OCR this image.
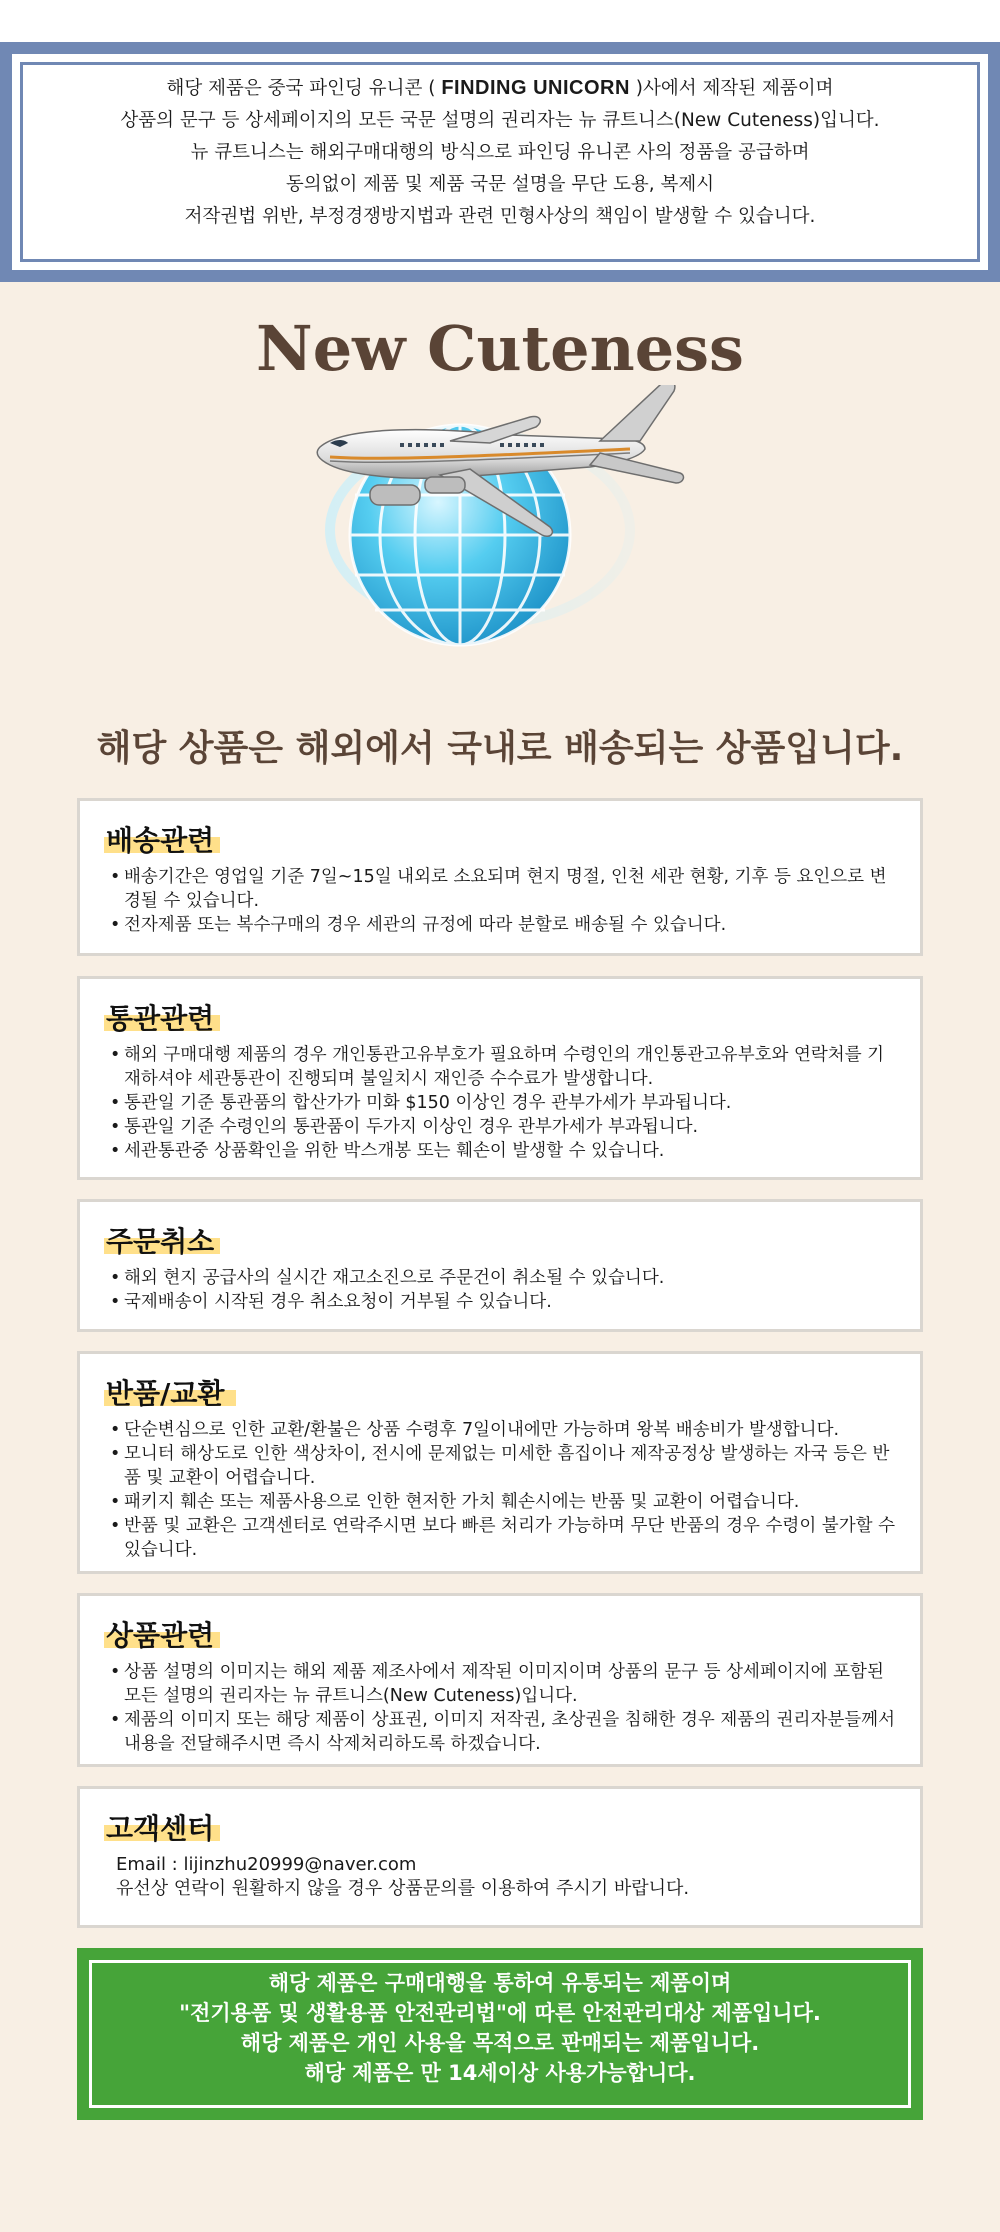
해당 제품은 중국 파인딩 유니콘 ( FINDING UNICORN )사에서 제작된 제품이며
상품의 문구 등 상세페이지의 모든 국문 설명의 권리자는 뉴 큐트니스(New Cuteness)입니다.
뉴 큐트니스는 해외구매대행의 방식으로 파인딩 유니콘 사의 정품을 공급하며
동의없이 제품 및 제품 국문 설명을 무단 도용, 복제시
저작권법 위반, 부정경쟁방지법과 관련 민형사상의 책임이 발생할 수 있습니다.
New Cuteness
해당 상품은 해외에서 국내로 배송되는 상품입니다.
배송관련
• 배송기간은 영업일 기준 7일~15일 내외로 소요되며 현지 명절, 인천 세관 현황, 기후 등 요인으로 변경될 수 있습니다.
• 전자제품 또는 복수구매의 경우 세관의 규정에 따라 분할로 배송될 수 있습니다.
통관관련
• 해외 구매대행 제품의 경우 개인통관고유부호가 필요하며 수령인의 개인통관고유부호와 연락처를 기재하셔야 세관통관이 진행되며 불일치시 재인증 수수료가 발생합니다.
• 통관일 기준 통관품의 합산가가 미화 $150 이상인 경우 관부가세가 부과됩니다.
• 통관일 기준 수령인의 통관품이 두가지 이상인 경우 관부가세가 부과됩니다.
• 세관통관중 상품확인을 위한 박스개봉 또는 훼손이 발생할 수 있습니다.
주문취소
• 해외 현지 공급사의 실시간 재고소진으로 주문건이 취소될 수 있습니다.
• 국제배송이 시작된 경우 취소요청이 거부될 수 있습니다.
반품/교환
• 단순변심으로 인한 교환/환불은 상품 수령후 7일이내에만 가능하며 왕복 배송비가 발생합니다.
• 모니터 해상도로 인한 색상차이, 전시에 문제없는 미세한 흠집이나 제작공정상 발생하는 자국 등은 반품 및 교환이 어렵습니다.
• 패키지 훼손 또는 제품사용으로 인한 현저한 가치 훼손시에는 반품 및 교환이 어렵습니다.
• 반품 및 교환은 고객센터로 연락주시면 보다 빠른 처리가 가능하며 무단 반품의 경우 수령이 불가할 수 있습니다.
상품관련
• 상품 설명의 이미지는 해외 제품 제조사에서 제작된 이미지이며 상품의 문구 등 상세페이지에 포함된 모든 설명의 권리자는 뉴 큐트니스(New Cuteness)입니다.
• 제품의 이미지 또는 해당 제품이 상표권, 이미지 저작권, 초상권을 침해한 경우 제품의 권리자분들께서 내용을 전달해주시면 즉시 삭제처리하도록 하겠습니다.
고객센터
Email : lijinzhu20999@naver.com
유선상 연락이 원활하지 않을 경우 상품문의를 이용하여 주시기 바랍니다.
해당 제품은 구매대행을 통하여 유통되는 제품이며
"전기용품 및 생활용품 안전관리법"에 따른 안전관리대상 제품입니다.
해당 제품은 개인 사용을 목적으로 판매되는 제품입니다.
해당 제품은 만 14세이상 사용가능합니다.
